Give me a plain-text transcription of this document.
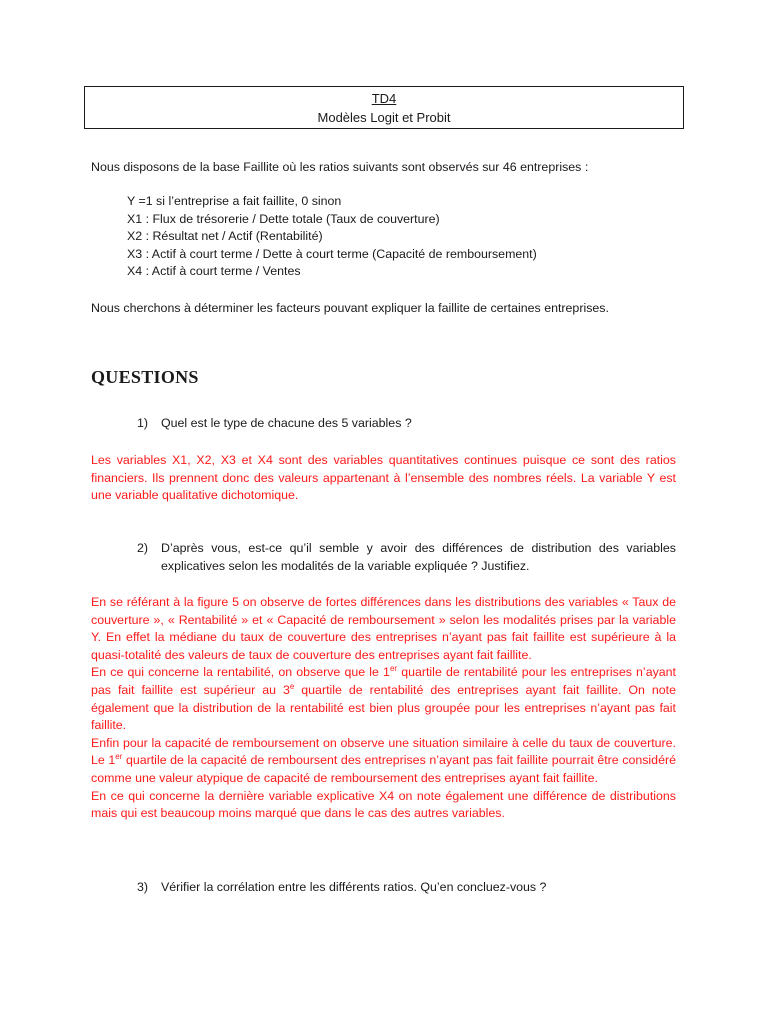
TD4
Modèles Logit et Probit
Nous disposons de la base Faillite où les ratios suivants sont observés sur 46 entreprises :
Y =1 si l’entreprise a fait faillite, 0 sinon
X1 : Flux de trésorerie / Dette totale (Taux de couverture)
X2 : Résultat net / Actif (Rentabilité)
X3 : Actif à court terme / Dette à court terme (Capacité de remboursement)
X4 : Actif à court terme / Ventes
Nous cherchons à déterminer les facteurs pouvant expliquer la faillite de certaines entreprises.
QUESTIONS
1)	Quel est le type de chacune des 5 variables ?
Les variables X1, X2, X3 et X4 sont des variables quantitatives continues puisque ce sont des ratios financiers. Ils prennent donc des valeurs appartenant à l’ensemble des nombres réels. La variable Y est une variable qualitative dichotomique.
2)	D’après vous, est-ce qu’il semble y avoir des différences de distribution des variables explicatives selon les modalités de la variable expliquée ? Justifiez.

En se référant à la figure 5 on observe de fortes différences dans les distributions des variables « Taux de couverture », « Rentabilité » et « Capacité de remboursement » selon les modalités prises par la variable Y. En effet la médiane du taux de couverture des entreprises n’ayant pas fait faillite est supérieure à la quasi-totalité des valeurs de taux de couverture des entreprises ayant fait faillite.

En ce qui concerne la rentabilité, on observe que le 1er quartile de rentabilité pour les entreprises n’ayant pas fait faillite est supérieur au 3e quartile de rentabilité des entreprises ayant fait faillite. On note également que la distribution de la rentabilité est bien plus groupée pour les entreprises n’ayant pas fait faillite.

Enfin pour la capacité de remboursement on observe une situation similaire à celle du taux de couverture. Le 1er quartile de la capacité de remboursent des entreprises n’ayant pas fait faillite pourrait être considéré comme une valeur atypique de capacité de remboursement des entreprises ayant fait faillite.

En ce qui concerne la dernière variable explicative X4 on note également une différence de distributions mais qui est beaucoup moins marqué que dans le cas des autres variables.

3)	Vérifier la corrélation entre les différents ratios. Qu’en concluez-vous ?
